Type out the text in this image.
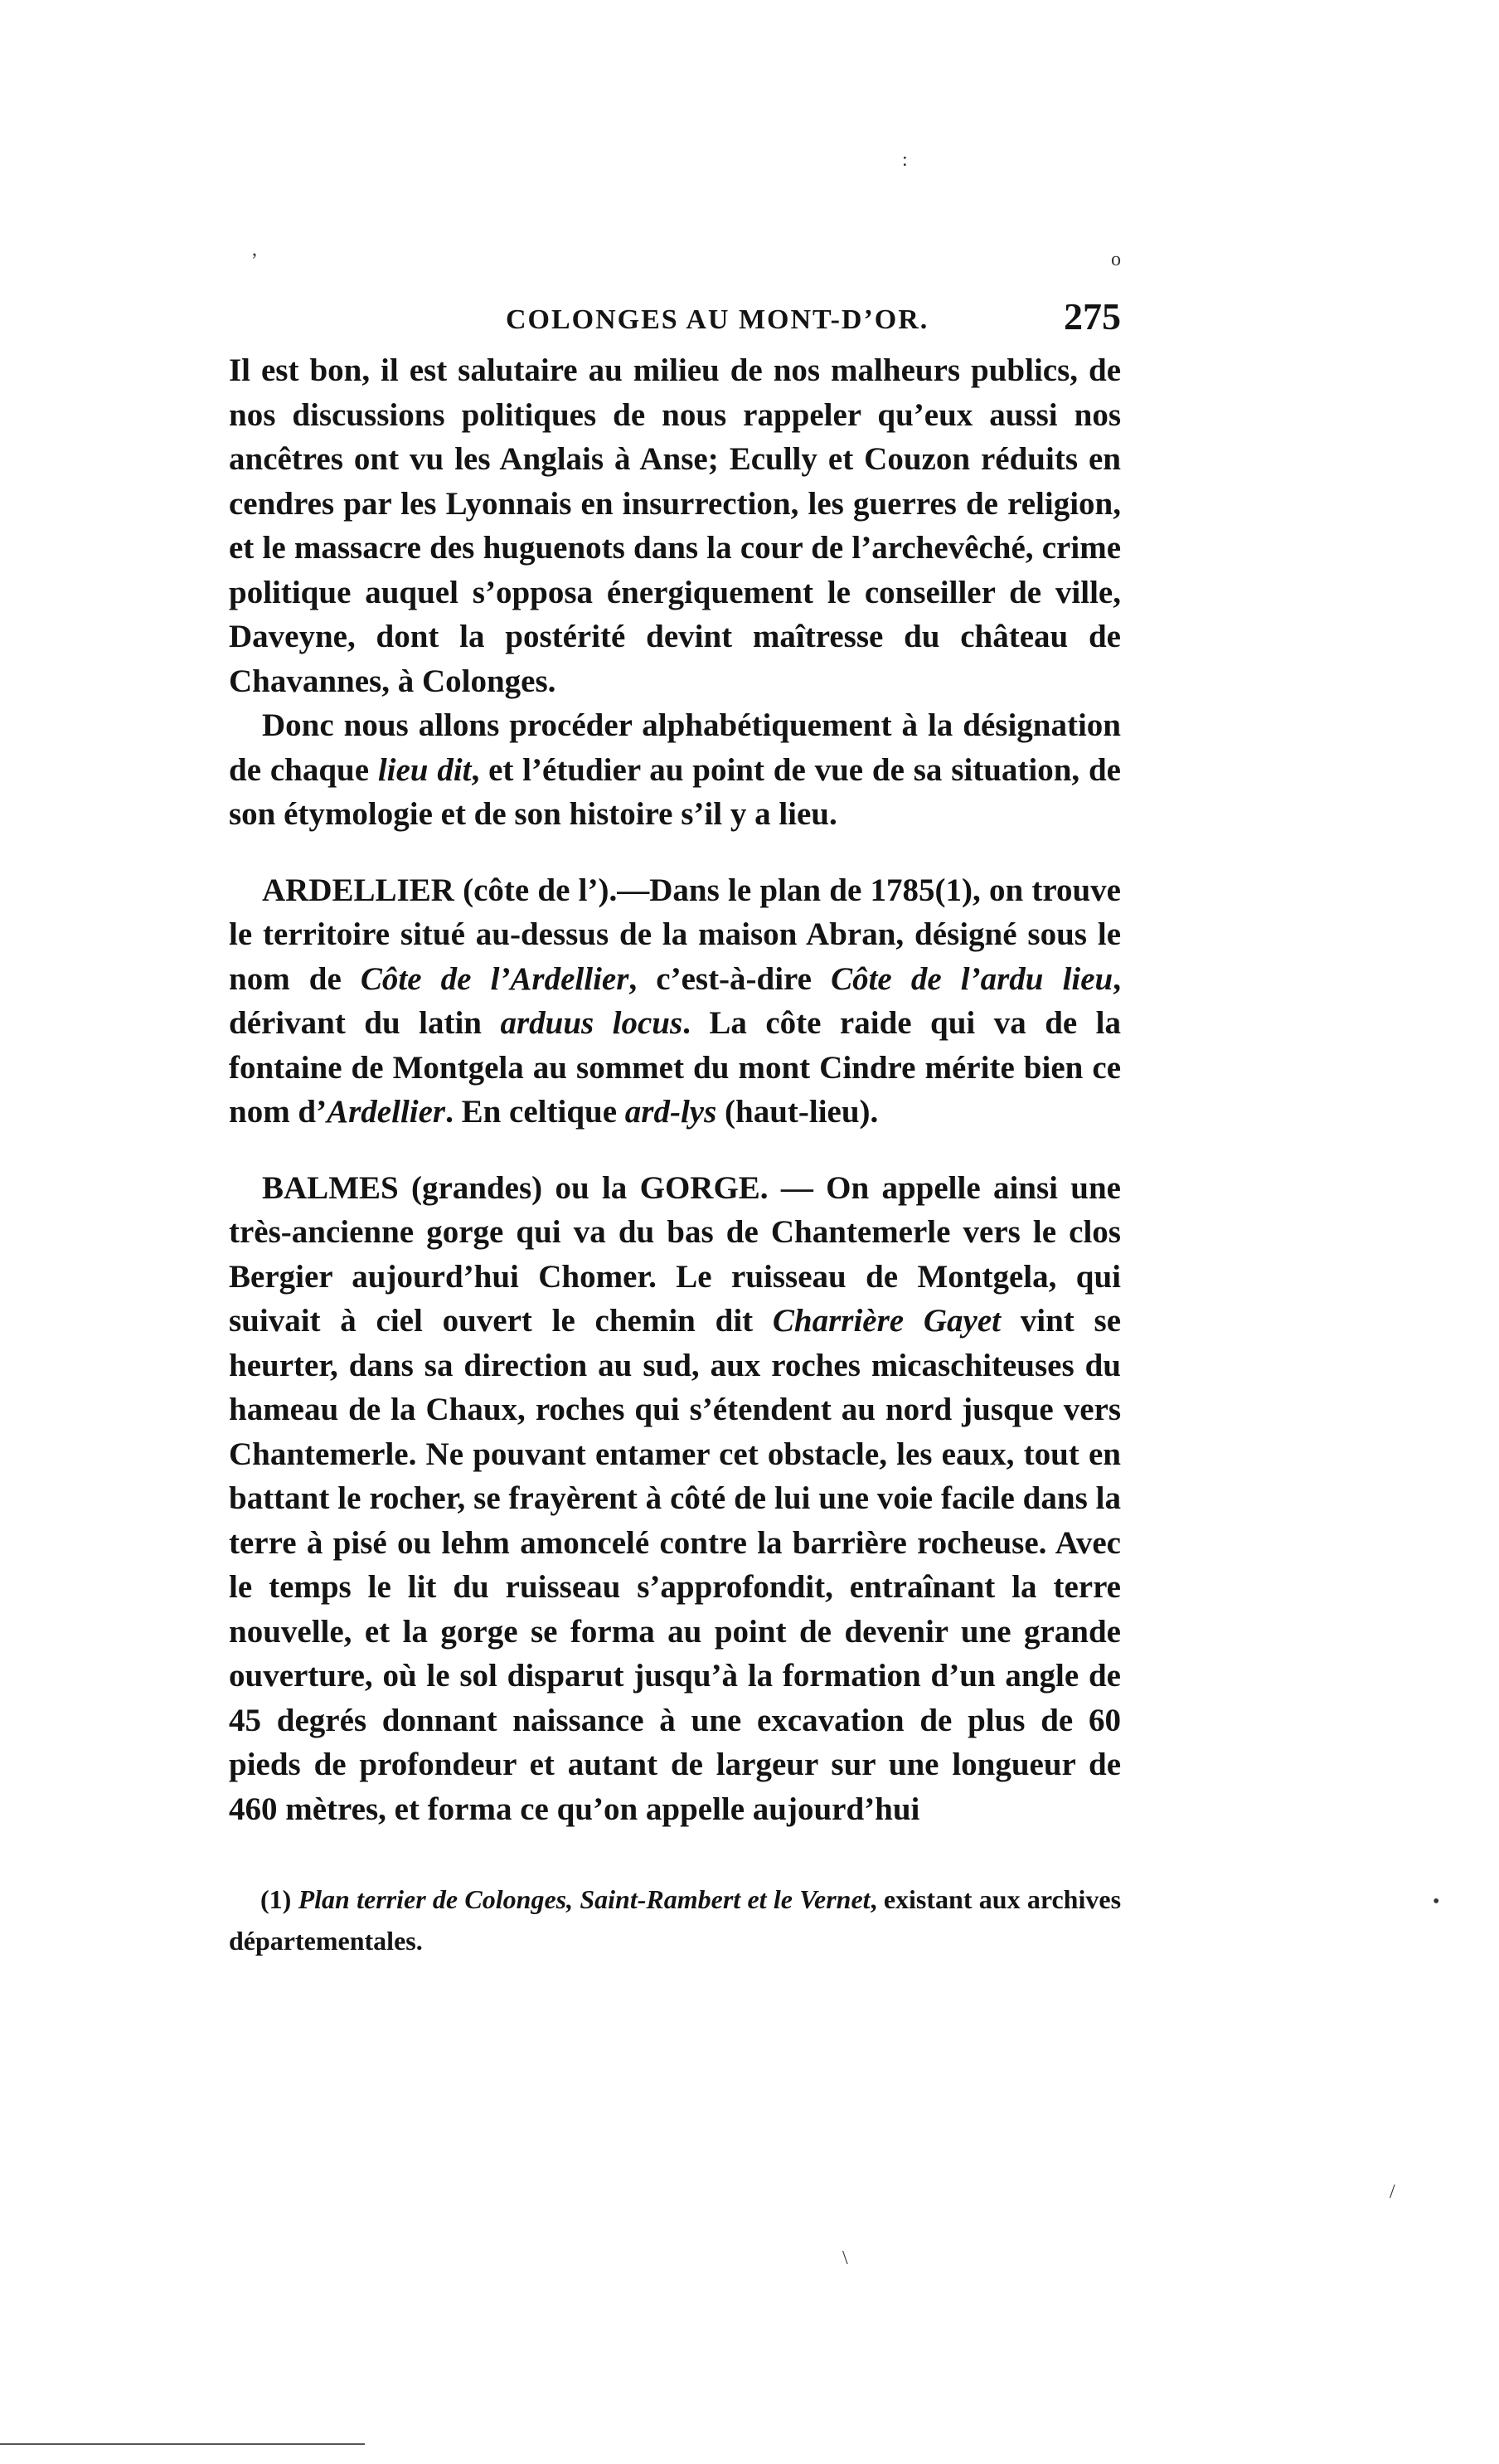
COLONGES AU MONT-D’OR.	275

Il est bon, il est salutaire au milieu de nos malheurs publics, de nos discussions politiques de nous rappeler qu’eux aussi nos ancêtres ont vu les Anglais à Anse; Ecully et Couzon réduits en cendres par les Lyonnais en insurrection, les guerres de religion, et le massacre des huguenots dans la cour de l’archevêché, crime politique auquel s’opposa énergiquement le conseiller de ville, Daveyne, dont la postérité devint maîtresse du château de Chavannes, à Colonges.

Donc nous allons procéder alphabétiquement à la désignation de chaque lieu dit, et l’étudier au point de vue de sa situation, de son étymologie et de son histoire s’il y a lieu.

ARDELLIER (côte de l’).—Dans le plan de 1785(1), on trouve le territoire situé au-dessus de la maison Abran, désigné sous le nom de Côte de l’Ardellier, c’est-à-dire Côte de l’ardu lieu, dérivant du latin arduus locus. La côte raide qui va de la fontaine de Montgela au sommet du mont Cindre mérite bien ce nom d’Ardellier. En celtique ard-lys (haut-lieu).

BALMES (grandes) ou la GORGE. — On appelle ainsi une très-ancienne gorge qui va du bas de Chantemerle vers le clos Bergier aujourd’hui Chomer. Le ruisseau de Montgela, qui suivait à ciel ouvert le chemin dit Charrière Gayet vint se heurter, dans sa direction au sud, aux roches micaschiteuses du hameau de la Chaux, roches qui s’étendent au nord jusque vers Chantemerle. Ne pouvant entamer cet obstacle, les eaux, tout en battant le rocher, se frayèrent à côté de lui une voie facile dans la terre à pisé ou lehm amoncelé contre la barrière rocheuse. Avec le temps le lit du ruisseau s’approfondit, entraînant la terre nouvelle, et la gorge se forma au point de devenir une grande ouverture, où le sol disparut jusqu’à la formation d’un angle de 45 degrés donnant naissance à une excavation de plus de 60 pieds de profondeur et autant de largeur sur une longueur de 460 mètres, et forma ce qu’on appelle aujourd’hui

(1) Plan terrier de Colonges, Saint-Rambert et le Vernet, existant aux archives départementales.

,
:
o
•
/
\
